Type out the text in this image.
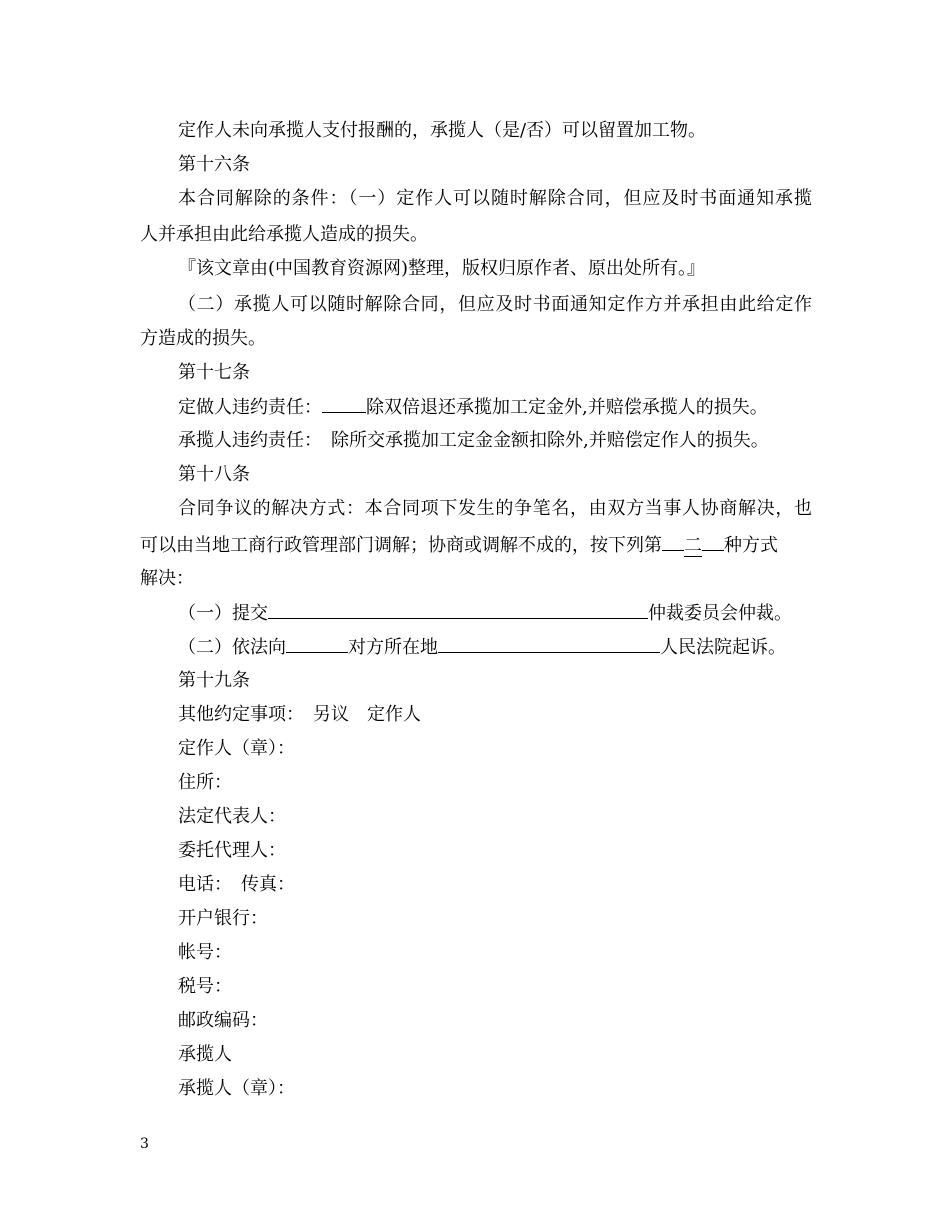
定作人未向承揽人支付报酬的，承揽人（是/否）可以留置加工物。
第十六条
本合同解除的条件：（一）定作人可以随时解除合同，但应及时书面通知承揽
人并承担由此给承揽人造成的损失。
『该文章由(中国教育资源网)整理，版权归原作者、原出处所有。』
（二）承揽人可以随时解除合同，但应及时书面通知定作方并承担由此给定作
方造成的损失。
第十七条
定做人违约责任： 除双倍退还承揽加工定金外,并赔偿承揽人的损失。
承揽人违约责任：　除所交承揽加工定金金额扣除外,并赔偿定作人的损失。
第十八条
合同争议的解决方式：本合同项下发生的争笔名，由双方当事人协商解决，也
可以由当地工商行政管理部门调解；协商或调解不成的，按下列第 二 种方式
解决：
（一）提交	仲裁委员会仲裁。
（二）依法向	对方所在地	人民法院起诉。
第十九条
其他约定事项：　另议　定作人
定作人（章）：
住所：
法定代表人：
委托代理人：
电话：　传真：
开户银行：
帐号：
税号：
邮政编码：
承揽人
承揽人（章）：
3
